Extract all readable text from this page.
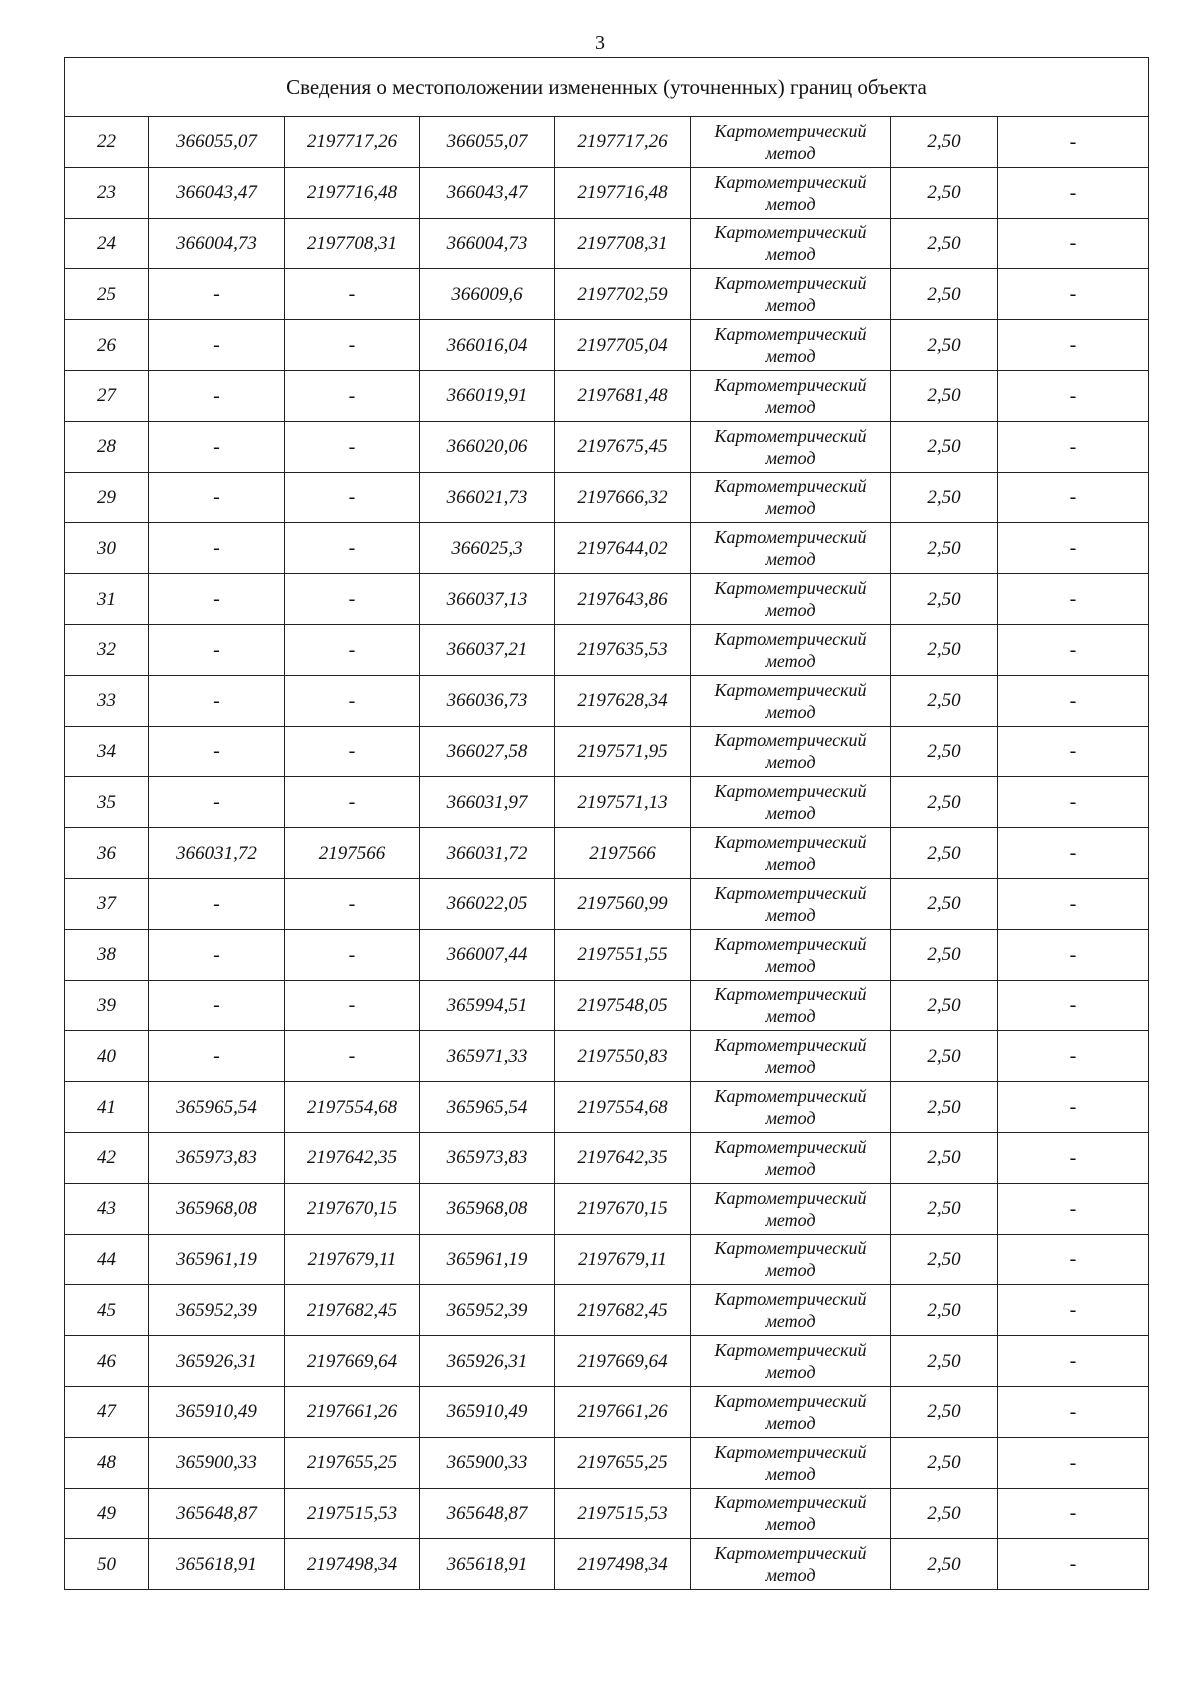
3
Сведения о местоположении измененных (уточненных) границ объекта							
22	366055,07	2197717,26	366055,07	2197717,26	Картометрический
метод	2,50	-
23	366043,47	2197716,48	366043,47	2197716,48	Картометрический
метод	2,50	-
24	366004,73	2197708,31	366004,73	2197708,31	Картометрический
метод	2,50	-
25	-	-	366009,6	2197702,59	Картометрический
метод	2,50	-
26	-	-	366016,04	2197705,04	Картометрический
метод	2,50	-
27	-	-	366019,91	2197681,48	Картометрический
метод	2,50	-
28	-	-	366020,06	2197675,45	Картометрический
метод	2,50	-
29	-	-	366021,73	2197666,32	Картометрический
метод	2,50	-
30	-	-	366025,3	2197644,02	Картометрический
метод	2,50	-
31	-	-	366037,13	2197643,86	Картометрический
метод	2,50	-
32	-	-	366037,21	2197635,53	Картометрический
метод	2,50	-
33	-	-	366036,73	2197628,34	Картометрический
метод	2,50	-
34	-	-	366027,58	2197571,95	Картометрический
метод	2,50	-
35	-	-	366031,97	2197571,13	Картометрический
метод	2,50	-
36	366031,72	2197566	366031,72	2197566	Картометрический
метод	2,50	-
37	-	-	366022,05	2197560,99	Картометрический
метод	2,50	-
38	-	-	366007,44	2197551,55	Картометрический
метод	2,50	-
39	-	-	365994,51	2197548,05	Картометрический
метод	2,50	-
40	-	-	365971,33	2197550,83	Картометрический
метод	2,50	-
41	365965,54	2197554,68	365965,54	2197554,68	Картометрический
метод	2,50	-
42	365973,83	2197642,35	365973,83	2197642,35	Картометрический
метод	2,50	-
43	365968,08	2197670,15	365968,08	2197670,15	Картометрический
метод	2,50	-
44	365961,19	2197679,11	365961,19	2197679,11	Картометрический
метод	2,50	-
45	365952,39	2197682,45	365952,39	2197682,45	Картометрический
метод	2,50	-
46	365926,31	2197669,64	365926,31	2197669,64	Картометрический
метод	2,50	-
47	365910,49	2197661,26	365910,49	2197661,26	Картометрический
метод	2,50	-
48	365900,33	2197655,25	365900,33	2197655,25	Картометрический
метод	2,50	-
49	365648,87	2197515,53	365648,87	2197515,53	Картометрический
метод	2,50	-
50	365618,91	2197498,34	365618,91	2197498,34	Картометрический
метод	2,50	-
